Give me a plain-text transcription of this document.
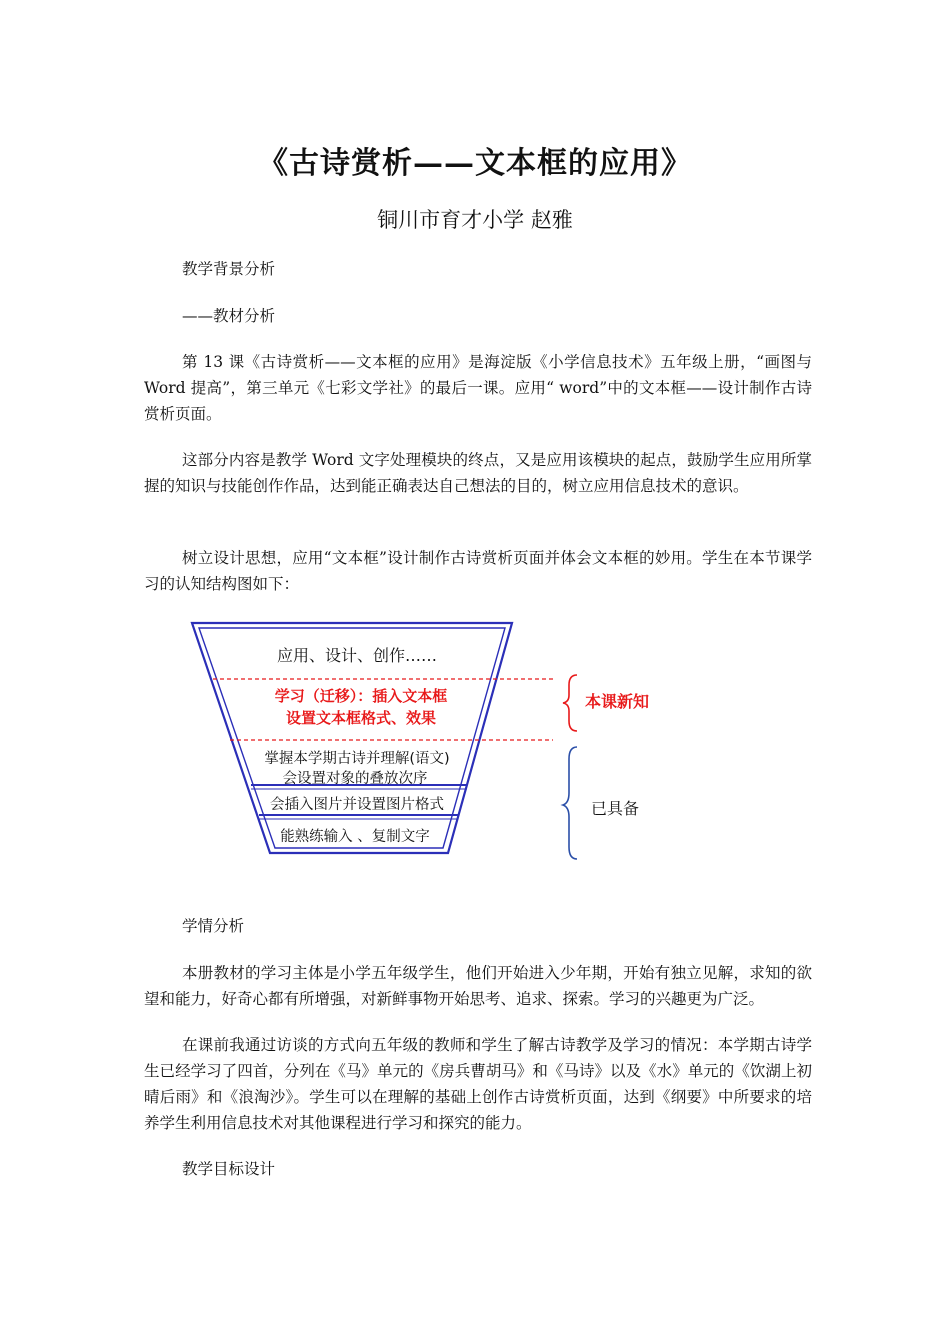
《古诗赏析——文本框的应用》

铜川市育才小学 赵雅

教学背景分析

——教材分析

第 13 课《古诗赏析——文本框的应用》是海淀版《小学信息技术》五年级上册，“画图与 Word 提高”，第三单元《七彩文学社》的最后一课。应用“ word”中的文本框——设计制作古诗赏析页面。

这部分内容是教学 Word 文字处理模块的终点，又是应用该模块的起点，鼓励学生应用所掌握的知识与技能创作作品，达到能正确表达自己想法的目的，树立应用信息技术的意识。

树立设计思想，应用“文本框”设计制作古诗赏析页面并体会文本框的妙用。学生在本节课学习的认知结构图如下：

应用、设计、创作……
学习（迁移）：插入文本框
设置文本框格式、效果
掌握本学期古诗并理解(语文)
会设置对象的叠放次序
会插入图片并设置图片格式
能熟练输入 、复制文字
本课新知
已具备

学情分析

本册教材的学习主体是小学五年级学生，他们开始进入少年期，开始有独立见解，求知的欲望和能力，好奇心都有所增强，对新鲜事物开始思考、追求、探索。学习的兴趣更为广泛。

在课前我通过访谈的方式向五年级的教师和学生了解古诗教学及学习的情况：本学期古诗学生已经学习了四首，分列在《马》单元的《房兵曹胡马》和《马诗》以及《水》单元的《饮湖上初晴后雨》和《浪淘沙》。学生可以在理解的基础上创作古诗赏析页面，达到《纲要》中所要求的培养学生利用信息技术对其他课程进行学习和探究的能力。

教学目标设计
